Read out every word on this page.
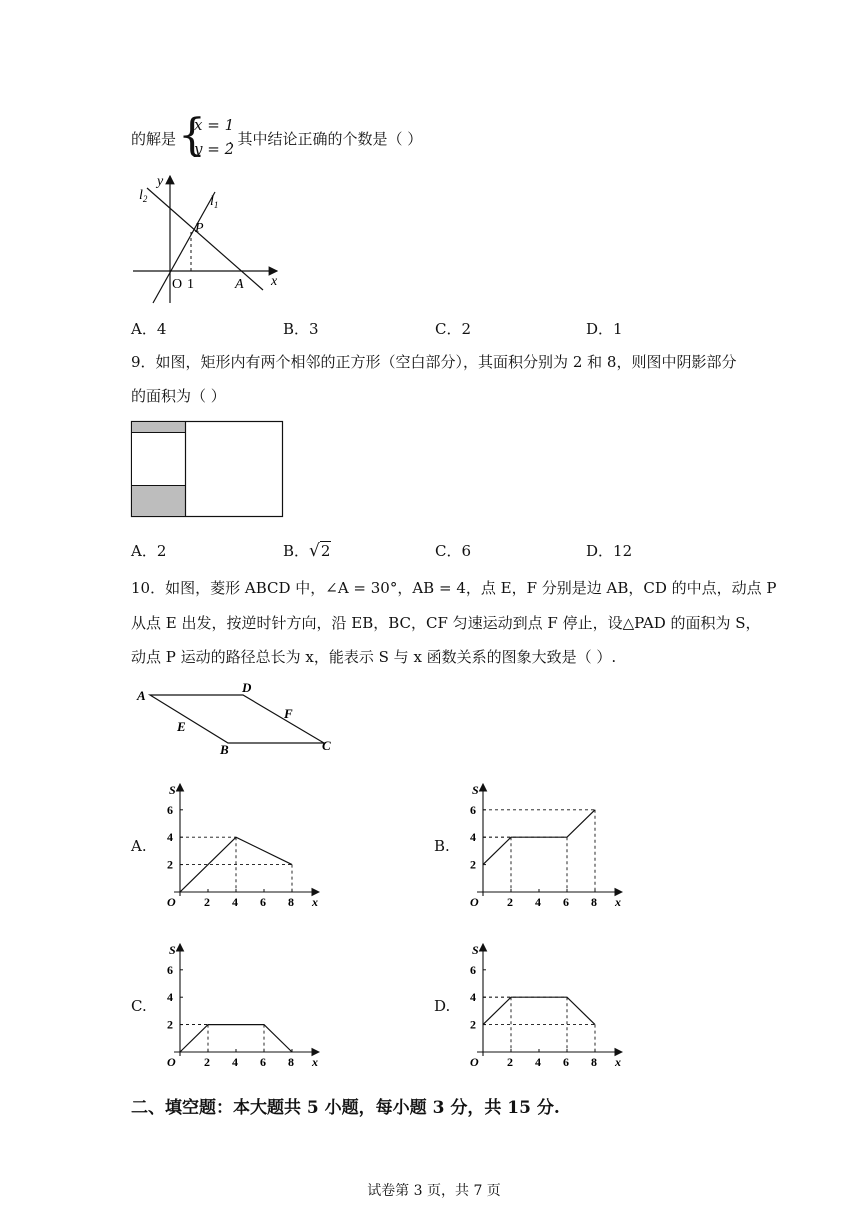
的解是 {
x = 1
y = 2
. 其中结论正确的个数是（ ）
$l_2$
y
$l_1$
P
O 1	A x
A．4	B．3	C．2	D．1
9．如图，矩形内有两个相邻的正方形（空白部分），其面积分别为 2 和 8，则图中阴影部分
的面积为（ ）
A．2	B．√2	C．6	D．12
10．如图，菱形 ABCD 中，∠A = 30°，AB = 4，点 E，F 分别是边 AB，CD 的中点，动点 P
从点 E 出发，按逆时针方向，沿 EB，BC，CF 匀速运动到点 F 停止，设△PAD 的面积为 S，
动点 P 运动的路径总长为 x，能表示 S 与 x 函数关系的图象大致是（ ）.
A
D
E
F
B	C
A.	B.
C.	D.
2 4 6 8
2
4
6
S
x
O	2 4 6 8
2
4
6
S
x
O
2 4 6 8
2
4
6
S
x
O	2 4 6 8
2
4
6
S
x
O
二、填空题：本大题共 5 小题，每小题 3 分，共 15 分.
试卷第 3 页，共 7 页
